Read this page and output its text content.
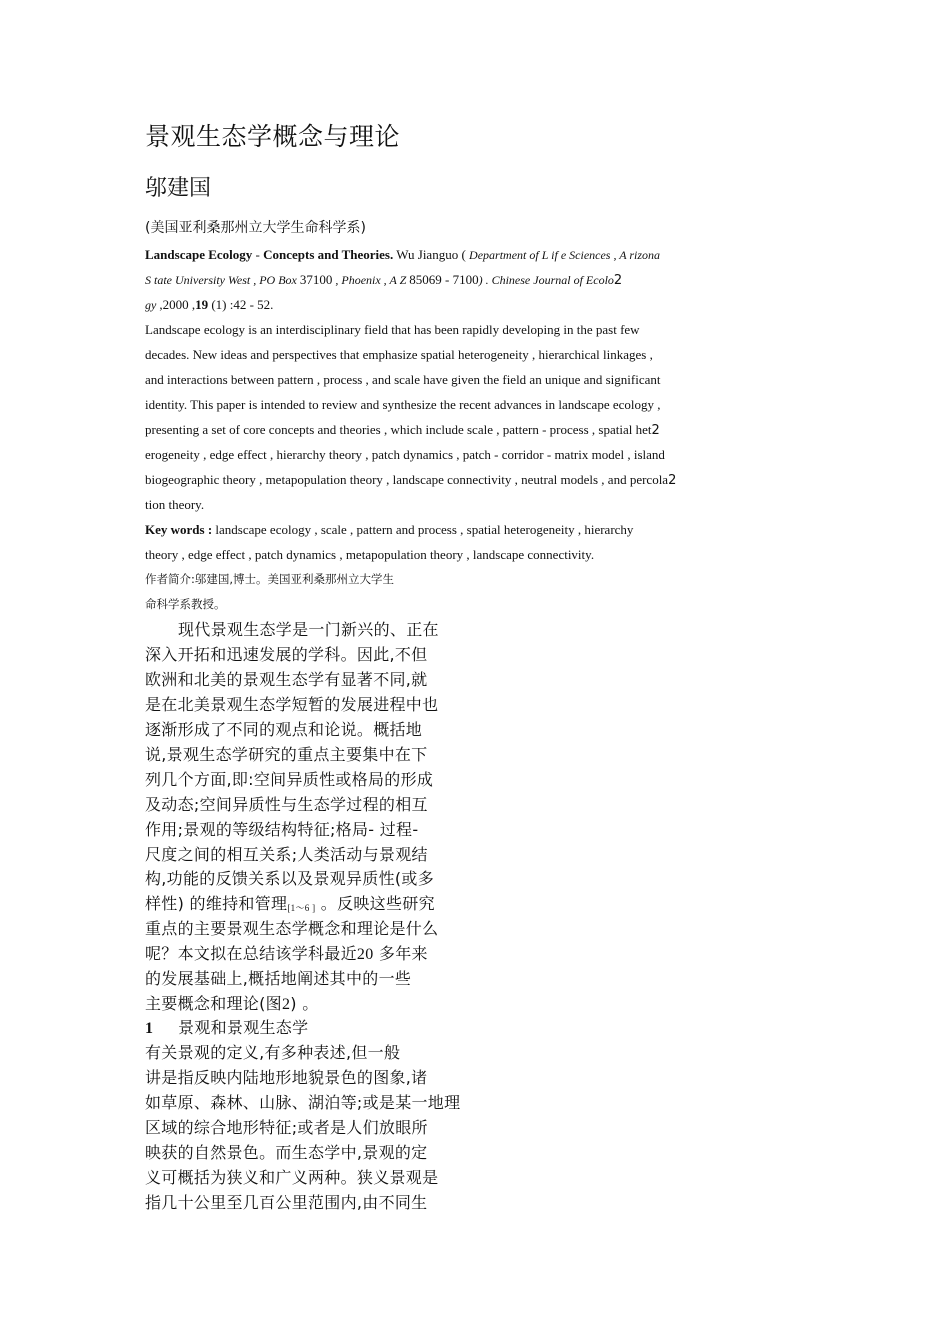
景观生态学概念与理论
邬建国
(美国亚利桑那州立大学生命科学系)
Landscape Ecology - Concepts and Theories. Wu Jianguo ( Department of L if e Sciences , A rizona
S tate University West , PO Box 37100 , Phoenix , A Z 85069 - 7100) . Chinese Journal of Ecolo2
gy ,2000 ,19 (1) :42 - 52.
Landscape ecology is an interdisciplinary field that has been rapidly developing in the past few
decades. New ideas and perspectives that emphasize spatial heterogeneity , hierarchical linkages ,
and interactions between pattern , process , and scale have given the field an unique and significant
identity. This paper is intended to review and synthesize the recent advances in landscape ecology ,
presenting a set of core concepts and theories , which include scale , pattern - process , spatial het2
erogeneity , edge effect , hierarchy theory , patch dynamics , patch - corridor - matrix model , island
biogeographic theory , metapopulation theory , landscape connectivity , neutral models , and percola2
tion theory.
Key words : landscape ecology , scale , pattern and process , spatial heterogeneity , hierarchy
theory , edge effect , patch dynamics , metapopulation theory , landscape connectivity.
作者简介:邬建国,博士。美国亚利桑那州立大学生
命科学系教授。
现代景观生态学是一门新兴的、正在
深入开拓和迅速发展的学科。因此,不但
欧洲和北美的景观生态学有显著不同,就
是在北美景观生态学短暂的发展进程中也
逐渐形成了不同的观点和论说。概括地
说,景观生态学研究的重点主要集中在下
列几个方面,即:空间异质性或格局的形成
及动态;空间异质性与生态学过程的相互
作用;景观的等级结构特征;格局- 过程-
尺度之间的相互关系;人类活动与景观结
构,功能的反馈关系以及景观异质性(或多
样性) 的维持和管理$_{[1\sim 6 ]}$ 。反映这些研究
重点的主要景观生态学概念和理论是什么
呢？本文拟在总结该学科最近20 多年来
的发展基础上,概括地阐述其中的一些
主要概念和理论(图2) 。
1 景观和景观生态学
有关景观的定义,有多种表述,但一般
讲是指反映内陆地形地貌景色的图象,诸
如草原、森林、山脉、湖泊等;或是某一地理
区域的综合地形特征;或者是人们放眼所
映获的自然景色。而生态学中,景观的定
义可概括为狭义和广义两种。狭义景观是
指几十公里至几百公里范围内,由不同生
